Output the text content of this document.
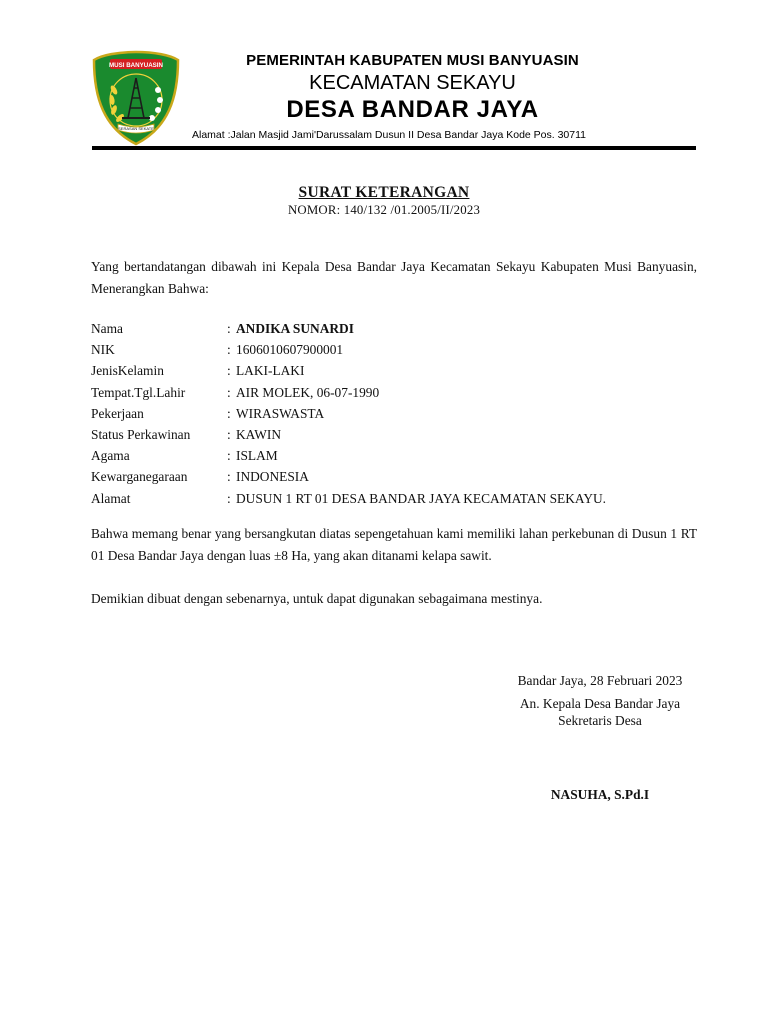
MUSI BANYUASIN
SERASAN SEKATE
PEMERINTAH KABUPATEN MUSI BANYUASIN
KECAMATAN SEKAYU
DESA BANDAR JAYA
Alamat :Jalan Masjid Jami'Darussalam Dusun II Desa Bandar Jaya Kode Pos. 30711
SURAT KETERANGAN
NOMOR: 140/132 /01.2005/II/2023
Yang bertandatangan dibawah ini Kepala Desa Bandar Jaya Kecamatan Sekayu Kabupaten Musi Banyuasin, Menerangkan Bahwa:
Nama	: ANDIKA SUNARDI
NIK	: 1606010607900001
JenisKelamin	: LAKI-LAKI
Tempat.Tgl.Lahir	: AIR MOLEK, 06-07-1990
Pekerjaan	: WIRASWASTA
Status Perkawinan	: KAWIN
Agama	: ISLAM
Kewarganegaraan	: INDONESIA
Alamat	: DUSUN 1 RT 01 DESA BANDAR JAYA KECAMATAN SEKAYU.
Bahwa memang benar yang bersangkutan diatas sepengetahuan kami memiliki lahan perkebunan di Dusun 1 RT 01 Desa Bandar Jaya dengan luas ±8 Ha, yang akan ditanami kelapa sawit.
Demikian dibuat dengan sebenarnya, untuk dapat digunakan sebagaimana mestinya.
Bandar Jaya, 28 Februari 2023
An. Kepala Desa Bandar Jaya
Sekretaris Desa
NASUHA, S.Pd.I
